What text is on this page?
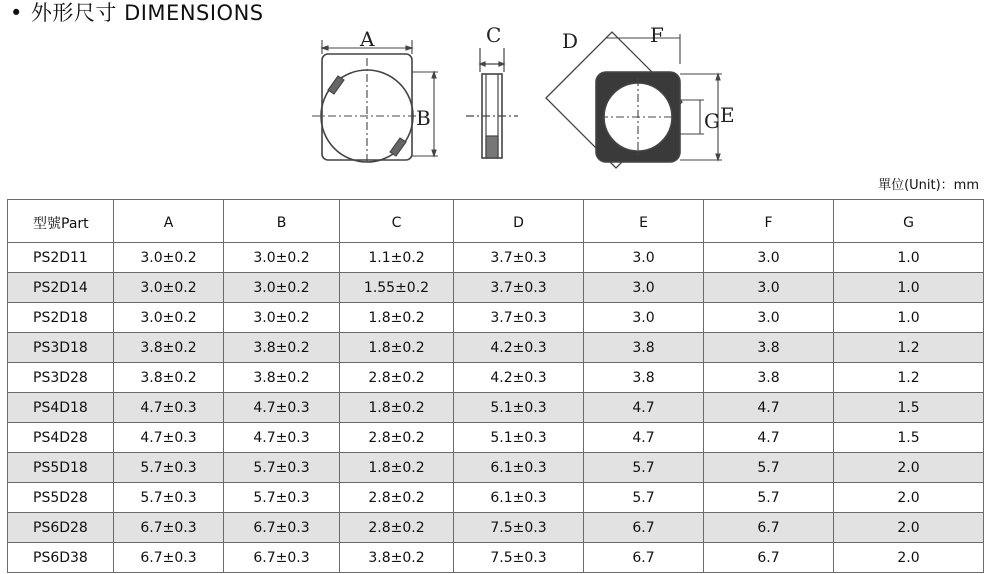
• 外形尺寸 DIMENSIONS
A
B
C	D	F
G E
單位(Unit)：mm
型號Part	A	B	C	D	E	F	G
PS2D11	3.0±0.2	3.0±0.2	1.1±0.2	3.7±0.3	3.0	3.0	1.0
PS2D14	3.0±0.2	3.0±0.2	1.55±0.2	3.7±0.3	3.0	3.0	1.0
PS2D18	3.0±0.2	3.0±0.2	1.8±0.2	3.7±0.3	3.0	3.0	1.0
PS3D18	3.8±0.2	3.8±0.2	1.8±0.2	4.2±0.3	3.8	3.8	1.2
PS3D28	3.8±0.2	3.8±0.2	2.8±0.2	4.2±0.3	3.8	3.8	1.2
PS4D18	4.7±0.3	4.7±0.3	1.8±0.2	5.1±0.3	4.7	4.7	1.5
PS4D28	4.7±0.3	4.7±0.3	2.8±0.2	5.1±0.3	4.7	4.7	1.5
PS5D18	5.7±0.3	5.7±0.3	1.8±0.2	6.1±0.3	5.7	5.7	2.0
PS5D28	5.7±0.3	5.7±0.3	2.8±0.2	6.1±0.3	5.7	5.7	2.0
PS6D28	6.7±0.3	6.7±0.3	2.8±0.2	7.5±0.3	6.7	6.7	2.0
PS6D38	6.7±0.3	6.7±0.3	3.8±0.2	7.5±0.3	6.7	6.7	2.0
